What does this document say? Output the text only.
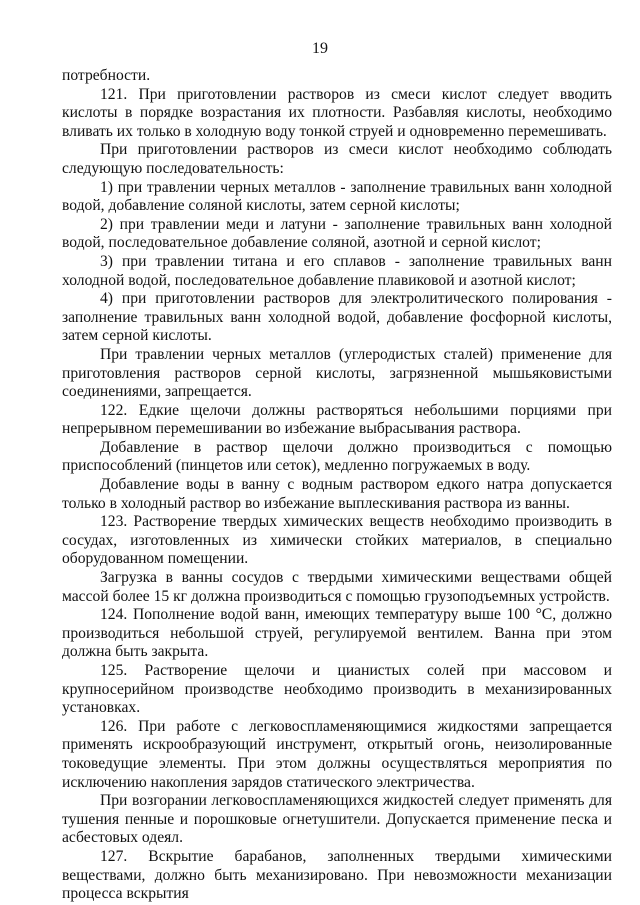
19

потребности.

121. При приготовлении растворов из смеси кислот следует вводить кислоты в порядке возрастания их плотности. Разбавляя кислоты, необходимо вливать их только в холодную воду тонкой струей и одновременно перемешивать.

При приготовлении растворов из смеси кислот необходимо соблюдать следующую последовательность:

1) при травлении черных металлов - заполнение травильных ванн холодной водой, добавление соляной кислоты, затем серной кислоты;

2) при травлении меди и латуни - заполнение травильных ванн холодной водой, последовательное добавление соляной, азотной и серной кислот;

3) при травлении титана и его сплавов - заполнение травильных ванн холодной водой, последовательное добавление плавиковой и азотной кислот;

4) при приготовлении растворов для электролитического полирования - заполнение травильных ванн холодной водой, добавление фосфорной кислоты, затем серной кислоты.

При травлении черных металлов (углеродистых сталей) применение для приготовления растворов серной кислоты, загрязненной мышьяковистыми соединениями, запрещается.

122. Едкие щелочи должны растворяться небольшими порциями при непрерывном перемешивании во избежание выбрасывания раствора.

Добавление в раствор щелочи должно производиться с помощью приспособлений (пинцетов или сеток), медленно погружаемых в воду.

Добавление воды в ванну с водным раствором едкого натра допускается только в холодный раствор во избежание выплескивания раствора из ванны.

123. Растворение твердых химических веществ необходимо производить в сосудах, изготовленных из химически стойких материалов, в специально оборудованном помещении.

Загрузка в ванны сосудов с твердыми химическими веществами общей массой более 15 кг должна производиться с помощью грузоподъемных устройств.

124. Пополнение водой ванн, имеющих температуру выше 100 °С, должно производиться небольшой струей, регулируемой вентилем. Ванна при этом должна быть закрыта.

125. Растворение щелочи и цианистых солей при массовом и крупносерийном производстве необходимо производить в механизированных установках.

126. При работе с легковоспламеняющимися жидкостями запрещается применять искрообразующий инструмент, открытый огонь, неизолированные токоведущие элементы. При этом должны осуществляться мероприятия по исключению накопления зарядов статического электричества.

При возгорании легковоспламеняющихся жидкостей следует применять для тушения пенные и порошковые огнетушители. Допускается применение песка и асбестовых одеял.

127. Вскрытие барабанов, заполненных твердыми химическими веществами, должно быть механизировано. При невозможности механизации процесса вскрытия
